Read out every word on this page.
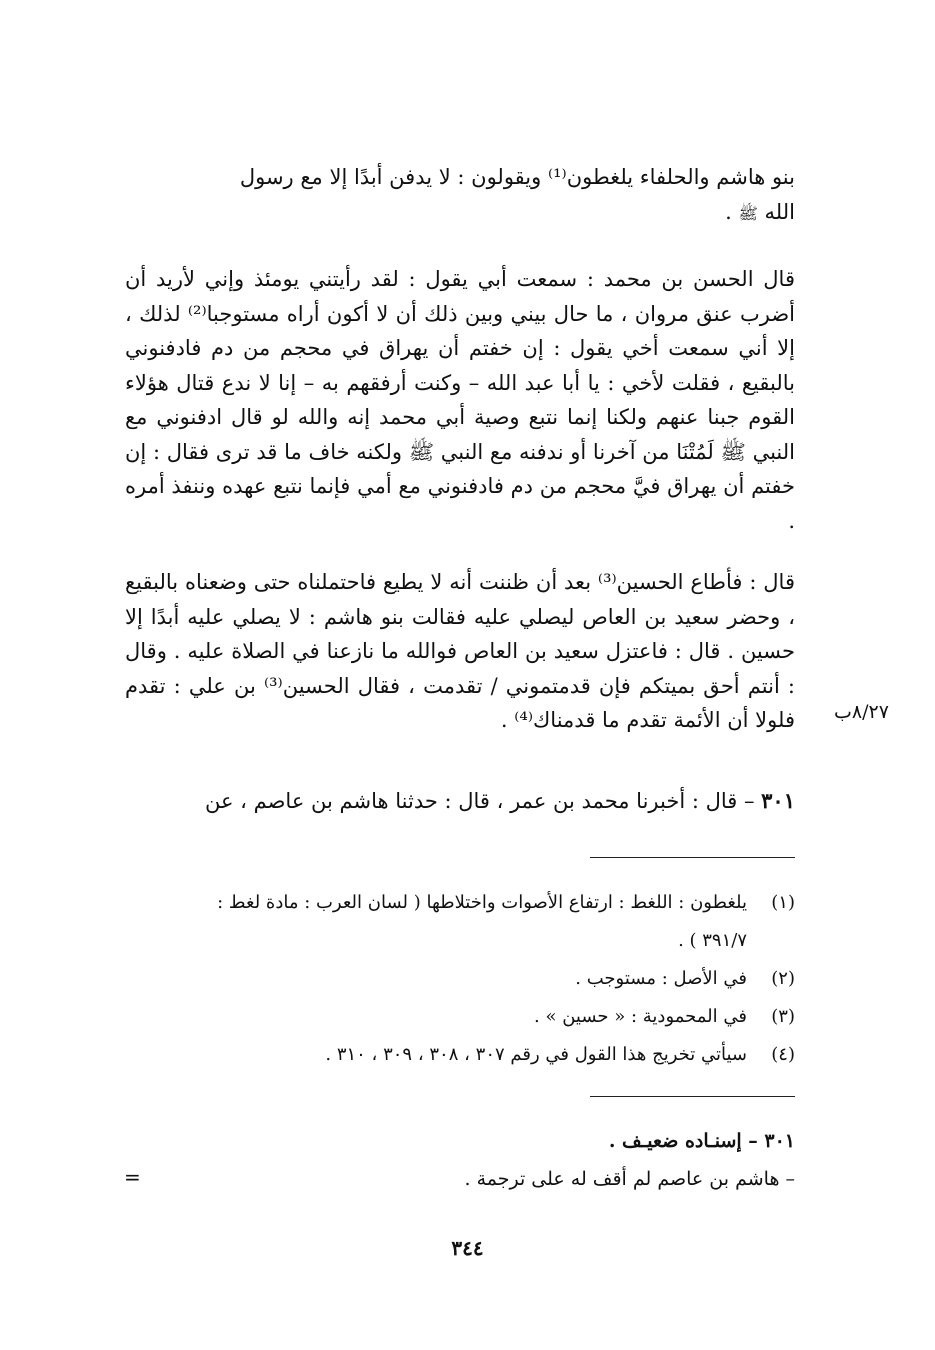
بنو هاشم والحلفاء يلغطون⁽¹⁾ ويقولون : لا يدفن أبدًا إلا مع رسول
الله ﷺ .

قال الحسن بن محمد : سمعت أبي يقول : لقد رأيتني يومئذ وإني لأريد أن أضرب عنق مروان ، ما حال بيني وبين ذلك أن لا أكون أراه مستوجبا⁽²⁾ لذلك ، إلا أني سمعت أخي يقول : إن خفتم أن يهراق في محجم من دم فادفنوني بالبقيع ، فقلت لأخي : يا أبا عبد الله – وكنت أرفقهم به – إنا لا ندع قتال هؤلاء القوم جبنا عنهم ولكنا إنما نتبع وصية أبي محمد إنه والله لو قال ادفنوني مع النبي ﷺ لَمُتْنَا من آخرنا أو ندفنه مع النبي ﷺ ولكنه خاف ما قد ترى فقال : إن خفتم أن يهراق فيَّ محجم من دم فادفنوني مع أمي فإنما نتبع عهده وننفذ أمره .

قال : فأطاع الحسين⁽³⁾ بعد أن ظننت أنه لا يطيع فاحتملناه حتى وضعناه بالبقيع ، وحضر سعيد بن العاص ليصلي عليه فقالت بنو هاشم : لا يصلي عليه أبدًا إلا حسين . قال : فاعتزل سعيد بن العاص فوالله ما نازعنا في الصلاة عليه . وقال : أنتم أحق بميتكم فإن قدمتموني / تقدمت ، فقال الحسين⁽³⁾ بن علي : تقدم فلولا أن الأئمة تقدم ما قدمناك⁽⁴⁾ .

٣٠١ – قال : أخبرنا محمد بن عمر ، قال : حدثنا هاشم بن عاصم ، عن

٨/٢٧ب
(١)
يلغطون : اللغط : ارتفاع الأصوات واختلاطها ( لسان العرب : مادة لغط :
٣٩١/٧ ) .
(٢)
في الأصل : مستوجب .
(٣)
في المحمودية : « حسين » .
(٤)
سيأتي تخريج هذا القول في رقم ٣٠٧ ، ٣٠٨ ، ٣٠٩ ، ٣١٠ .

٣٠١ – إسنـاده ضعيـف .

– هاشم بن عاصم لم أقف له على ترجمة .

=
٣٤٤
